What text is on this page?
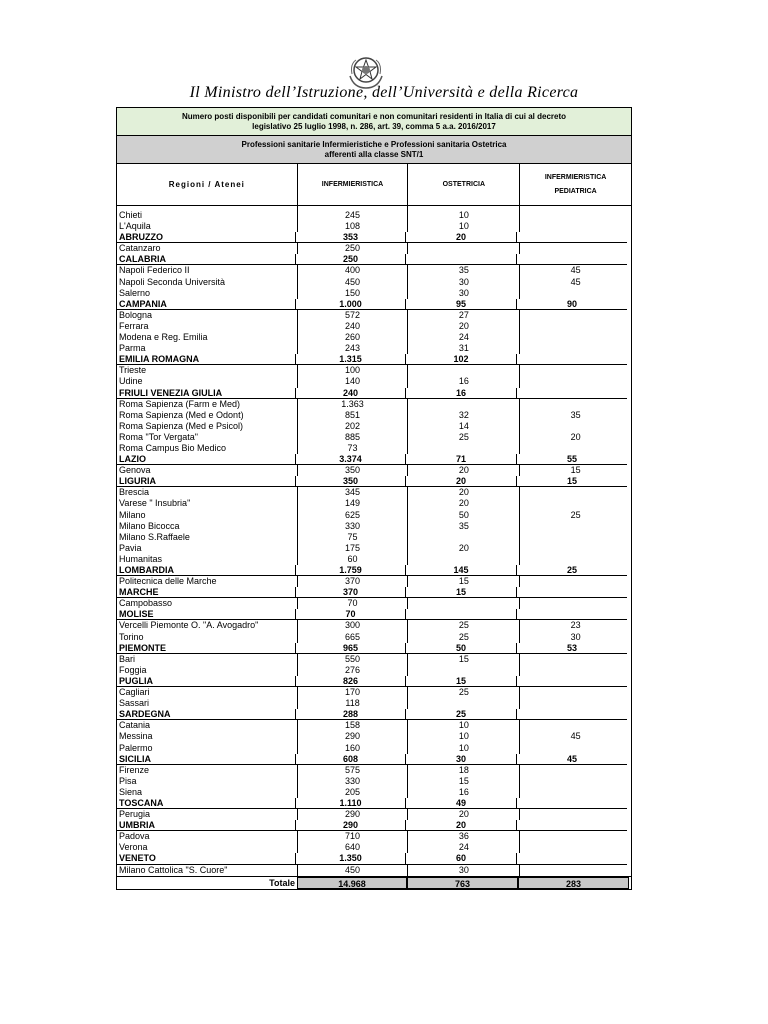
Il Ministro dell’Istruzione, dell’Università e della Ricerca
Numero posti disponibili per candidati comunitari e non comunitari residenti in Italia di cui al decreto
legislativo 25 luglio 1998, n. 286, art. 39, comma 5 a.a. 2016/2017
Professioni sanitarie Infermieristiche e Professioni sanitaria Ostetrica
afferenti alla classe SNT/1
Regioni / Atenei	INFERMIERISTICA	OSTETRICIA
INFERMIERISTICA
PEDIATRICA
Chieti	245	10
L'Aquila	108	10
ABRUZZO	353	20
Catanzaro	250
CALABRIA	250
Napoli Federico II	400	35	45
Napoli Seconda Università	450	30	45
Salerno	150	30
CAMPANIA	1.000	95	90
Bologna	572	27
Ferrara	240	20
Modena e Reg. Emilia	260	24
Parma	243	31
EMILIA ROMAGNA	1.315	102
Trieste	100
Udine	140	16
FRIULI VENEZIA GIULIA	240	16
Roma Sapienza (Farm e Med)	1.363
Roma Sapienza (Med e Odont)	851	32	35
Roma Sapienza (Med e Psicol)	202	14
Roma "Tor Vergata"	885	25	20
Roma Campus Bio Medico	73
LAZIO	3.374	71	55
Genova	350	20	15
LIGURIA	350	20	15
Brescia	345	20
Varese " Insubria"	149	20
Milano	625	50	25
Milano Bicocca	330	35
Milano S.Raffaele	75
Pavia	175	20
Humanitas	60
LOMBARDIA	1.759	145	25
Politecnica delle Marche	370	15
MARCHE	370	15
Campobasso	70
MOLISE	70
Vercelli Piemonte O. "A. Avogadro"	300	25	23
Torino	665	25	30
PIEMONTE	965	50	53
Bari	550	15
Foggia	276
PUGLIA	826	15
Cagliari	170	25
Sassari	118
SARDEGNA	288	25
Catania	158	10
Messina	290	10	45
Palermo	160	10
SICILIA	608	30	45
Firenze	575	18
Pisa	330	15
Siena	205	16
TOSCANA	1.110	49
Perugia	290	20
UMBRIA	290	20
Padova	710	36
Verona	640	24
VENETO	1.350	60
Milano Cattolica "S. Cuore"	450	30
Totale	14.968	763	283
